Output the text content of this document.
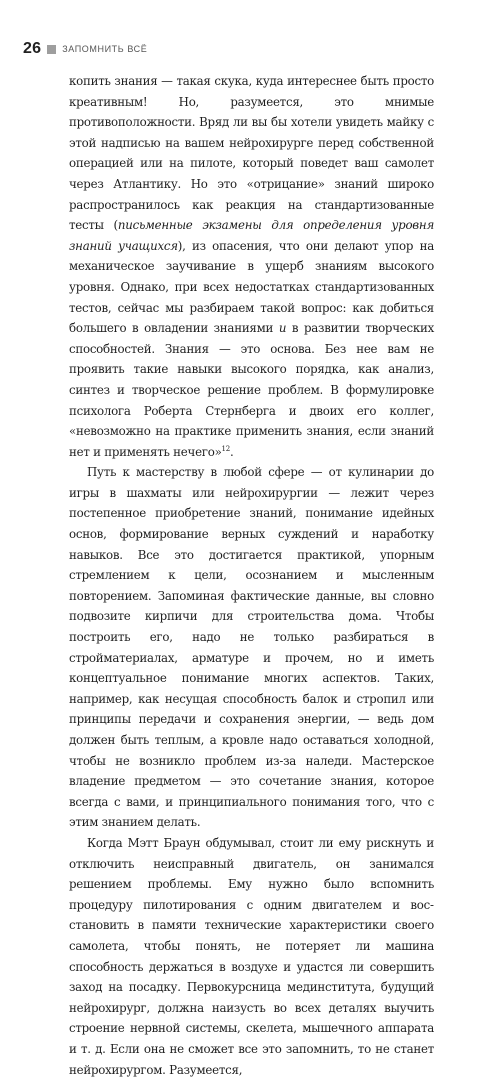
26 ЗАПОМНИТЬ ВСЁ

копить знания — такая скука, куда интереснее быть просто креативным! Но, разумеется, это мнимые противоположности. Вряд ли вы бы хотели увидеть майку с этой надписью на вашем нейрохирурге перед собственной операцией или на пилоте, который поведет ваш самолет через Атлантику. Но это «отрицание» знаний широко распространилось как реакция на стандартизованные тесты (письменные экзамены для определения уровня знаний учащихся), из опасения, что они делают упор на механическое заучивание в ущерб знаниям высокого уровня. Однако, при всех недостатках стандартизованных тестов, сейчас мы разбираем такой вопрос: как добиться большего в овладении знаниями и в развитии творческих способностей. Знания — это основа. Без нее вам не проявить такие навыки высокого порядка, как анализ, синтез и творческое решение проблем. В формулировке психолога Роберта Стернберга и двоих его коллег, «невозможно на практике применить знания, если знаний нет и применять нечего»$^{12}$.

Путь к мастерству в любой сфере — от кулинарии до игры в шахматы или нейрохирургии — лежит через постепенное приобретение знаний, понимание идейных основ, формирование верных суждений и наработку навыков. Все это достигается практикой, упорным стремлением к цели, осознанием и мысленным повторением. Запоминая фактические данные, вы словно подвозите кирпичи для строительства дома. Чтобы построить его, надо не только разбираться в стройматериалах, арматуре и прочем, но и иметь концептуальное понимание многих аспектов. Таких, например, как несущая способность балок и стропил или принципы передачи и сохранения энергии, — ведь дом должен быть теплым, а кровле надо оставаться холодной, чтобы не возникло проблем из-за наледи. Мастерское владение предметом — это сочетание знания, которое всегда с вами, и принципиального понимания того, что с этим знанием делать.

Когда Мэтт Браун обдумывал, стоит ли ему рискнуть и отключить неисправный двигатель, он занимался решением проблемы. Ему нужно было вспомнить процедуру пилотирования с одним двигателем и восстановить в памяти технические характеристики своего самолета, чтобы понять, не потеряет ли машина способность держаться в воздухе и удастся ли совершить заход на посадку. Первокурсница мединститута, будущий нейрохирург, должна наизусть во всех деталях выучить строение нервной системы, скелета, мышечного аппарата и т. д. Если она не сможет все это запомнить, то не станет нейрохирургом. Разумеется,
